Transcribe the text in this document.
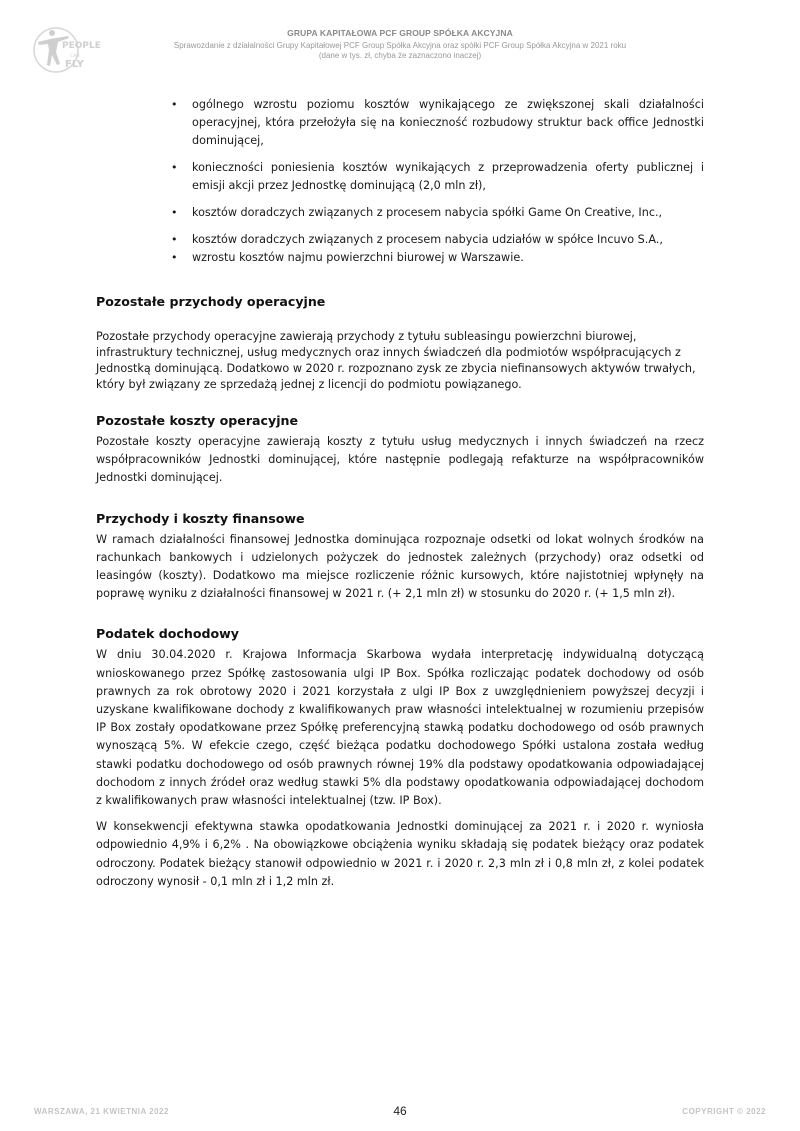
PEOPLE
CAN
FLY
GRUPA KAPITAŁOWA PCF GROUP SPÓŁKA AKCYJNA
Sprawozdanie z działalności Grupy Kapitałowej PCF Group Spółka Akcyjna oraz spółki PCF Group Spółka Akcyjna w 2021 roku
(dane w tys. zł, chyba że zaznaczono inaczej)
• ogólnego wzrostu poziomu kosztów wynikającego ze zwiększonej skali działalności operacyjnej, która przełożyła się na konieczność rozbudowy struktur back office Jednostki dominującej,
• konieczności poniesienia kosztów wynikających z przeprowadzenia oferty publicznej i emisji akcji przez Jednostkę dominującą (2,0 mln zł),
• kosztów doradczych związanych z procesem nabycia spółki Game On Creative, Inc.,
• kosztów doradczych związanych z procesem nabycia udziałów w spółce Incuvo S.A.,
• wzrostu kosztów najmu powierzchni biurowej w Warszawie.
Pozostałe przychody operacyjne

Pozostałe przychody operacyjne zawierają przychody z tytułu subleasingu powierzchni biurowej, infrastruktury technicznej, usług medycznych oraz innych świadczeń dla podmiotów współpracujących z Jednostką dominującą. Dodatkowo w 2020 r. rozpoznano zysk ze zbycia niefinansowych aktywów trwałych, który był związany ze sprzedażą jednej z licencji do podmiotu powiązanego.

Pozostałe koszty operacyjne

Pozostałe koszty operacyjne zawierają koszty z tytułu usług medycznych i innych świadczeń na rzecz współpracowników Jednostki dominującej, które następnie podlegają refakturze na współpracowników Jednostki dominującej.

Przychody i koszty finansowe

W ramach działalności finansowej Jednostka dominująca rozpoznaje odsetki od lokat wolnych środków na rachunkach bankowych i udzielonych pożyczek do jednostek zależnych (przychody) oraz odsetki od leasingów (koszty). Dodatkowo ma miejsce rozliczenie różnic kursowych, które najistotniej wpłynęły na poprawę wyniku z działalności finansowej w 2021 r. (+ 2,1 mln zł) w stosunku do 2020 r. (+ 1,5 mln zł).

Podatek dochodowy

W dniu 30.04.2020 r. Krajowa Informacja Skarbowa wydała interpretację indywidualną dotyczącą wnioskowanego przez Spółkę zastosowania ulgi IP Box. Spółka rozliczając podatek dochodowy od osób prawnych za rok obrotowy 2020 i 2021 korzystała z ulgi IP Box z uwzględnieniem powyższej decyzji i uzyskane kwalifikowane dochody z kwalifikowanych praw własności intelektualnej w rozumieniu przepisów IP Box zostały opodatkowane przez Spółkę preferencyjną stawką podatku dochodowego od osób prawnych wynoszącą 5%. W efekcie czego, część bieżąca podatku dochodowego Spółki ustalona została według stawki podatku dochodowego od osób prawnych równej 19% dla podstawy opodatkowania odpowiadającej dochodom z innych źródeł oraz według stawki 5% dla podstawy opodatkowania odpowiadającej dochodom z kwalifikowanych praw własności intelektualnej (tzw. IP Box).

W konsekwencji efektywna stawka opodatkowania Jednostki dominującej za 2021 r. i 2020 r. wyniosła odpowiednio 4,9% i 6,2% . Na obowiązkowe obciążenia wyniku składają się podatek bieżący oraz podatek odroczony. Podatek bieżący stanowił odpowiednio w 2021 r. i 2020 r. 2,3 mln zł i 0,8 mln zł, z kolei podatek odroczony wynosił - 0,1 mln zł i 1,2 mln zł.

WARSZAWA, 21 KWIETNIA 2022	46	COPYRIGHT © 2022
